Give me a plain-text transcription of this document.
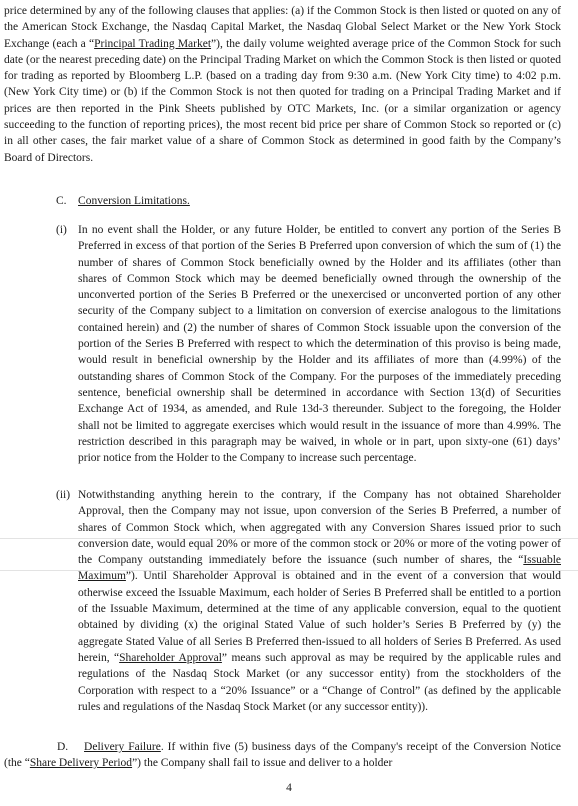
price determined by any of the following clauses that applies: (a) if the Common Stock is then listed or quoted on any of the American Stock Exchange, the Nasdaq Capital Market, the Nasdaq Global Select Market or the New York Stock Exchange (each a “Principal Trading Market”), the daily volume weighted average price of the Common Stock for such date (or the nearest preceding date) on the Principal Trading Market on which the Common Stock is then listed or quoted for trading as reported by Bloomberg L.P. (based on a trading day from 9:30 a.m. (New York City time) to 4:02 p.m. (New York City time) or (b) if the Common Stock is not then quoted for trading on a Principal Trading Market and if prices are then reported in the Pink Sheets published by OTC Markets, Inc. (or a similar organization or agency succeeding to the function of reporting prices), the most recent bid price per share of Common Stock so reported or (c) in all other cases, the fair market value of a share of Common Stock as determined in good faith by the Company’s Board of Directors.

C. Conversion Limitations.
(i) In no event shall the Holder, or any future Holder, be entitled to convert any portion of the Series B Preferred in excess of that portion of the Series B Preferred upon conversion of which the sum of (1) the number of shares of Common Stock beneficially owned by the Holder and its affiliates (other than shares of Common Stock which may be deemed beneficially owned through the ownership of the unconverted portion of the Series B Preferred or the unexercised or unconverted portion of any other security of the Company subject to a limitation on conversion of exercise analogous to the limitations contained herein) and (2) the number of shares of Common Stock issuable upon the conversion of the portion of the Series B Preferred with respect to which the determination of this proviso is being made, would result in beneficial ownership by the Holder and its affiliates of more than (4.99%) of the outstanding shares of Common Stock of the Company. For the purposes of the immediately preceding sentence, beneficial ownership shall be determined in accordance with Section 13(d) of Securities Exchange Act of 1934, as amended, and Rule 13d-3 thereunder. Subject to the foregoing, the Holder shall not be limited to aggregate exercises which would result in the issuance of more than 4.99%. The restriction described in this paragraph may be waived, in whole or in part, upon sixty-one (61) days’ prior notice from the Holder to the Company to increase such percentage.

(ii) Notwithstanding anything herein to the contrary, if the Company has not obtained Shareholder Approval, then the Company may not issue, upon conversion of the Series B Preferred, a number of shares of Common Stock which, when aggregated with any Conversion Shares issued prior to such conversion date, would equal 20% or more of the common stock or 20% or more of the voting power of the Company outstanding immediately before the issuance (such number of shares, the “Issuable Maximum”). Until Shareholder Approval is obtained and in the event of a conversion that would otherwise exceed the Issuable Maximum, each holder of Series B Preferred shall be entitled to a portion of the Issuable Maximum, determined at the time of any applicable conversion, equal to the quotient obtained by dividing (x) the original Stated Value of such holder’s Series B Preferred by (y) the aggregate Stated Value of all Series B Preferred then-issued to all holders of Series B Preferred. As used herein, “Shareholder Approval” means such approval as may be required by the applicable rules and regulations of the Nasdaq Stock Market (or any successor entity) from the stockholders of the Corporation with respect to a “20% Issuance” or a “Change of Control” (as defined by the applicable rules and regulations of the Nasdaq Stock Market (or any successor entity)).

D. Delivery Failure. If within five (5) business days of the Company's receipt of the Conversion Notice (the “Share Delivery Period”) the Company shall fail to issue and deliver to a holder

4
